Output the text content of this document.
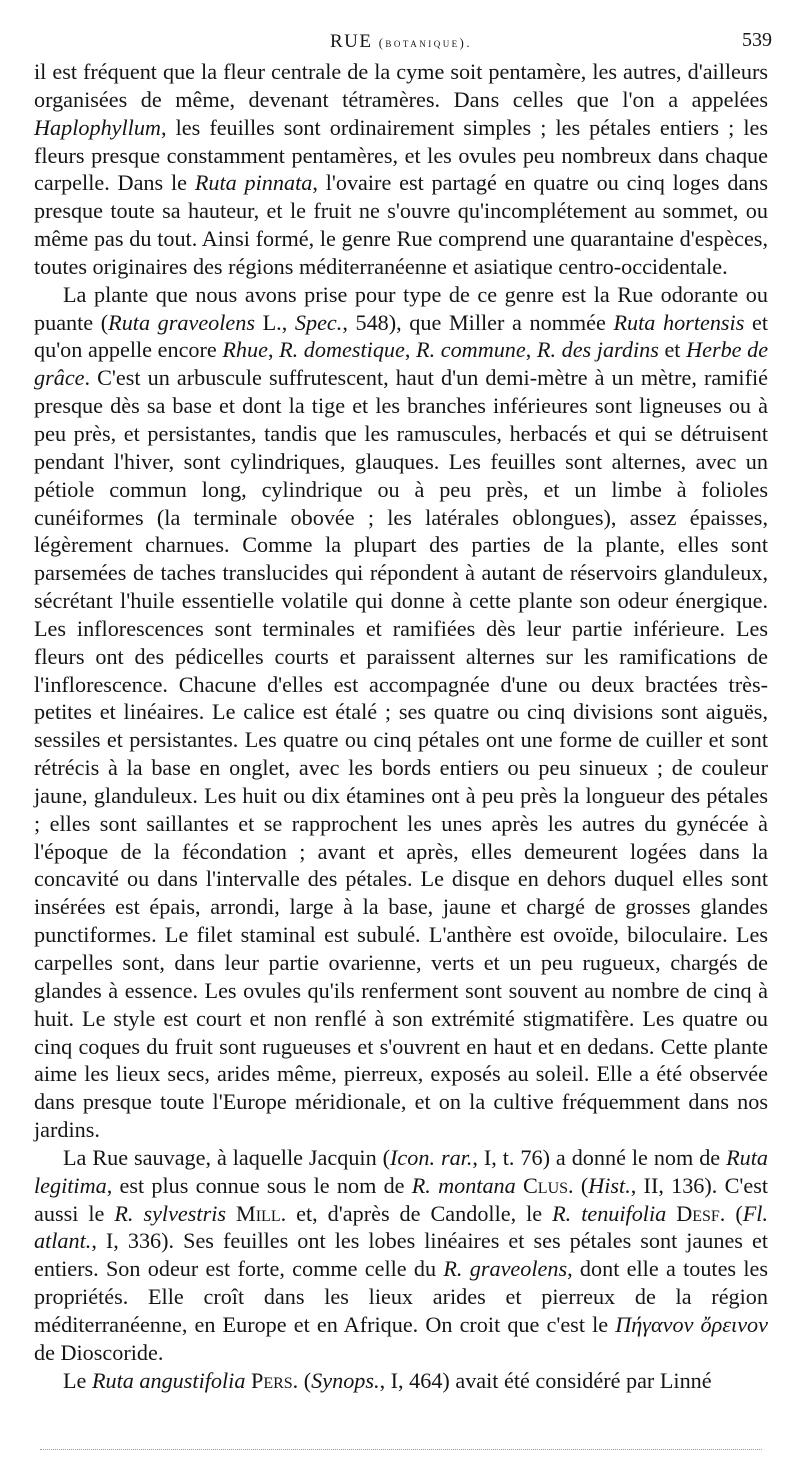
RUE (botanique).	539

il est fréquent que la fleur centrale de la cyme soit pentamère, les autres, d'ailleurs organisées de même, devenant tétramères. Dans celles que l'on a appelées Haplophyllum, les feuilles sont ordinairement simples ; les pétales entiers ; les fleurs presque constamment pentamères, et les ovules peu nombreux dans chaque carpelle. Dans le Ruta pinnata, l'ovaire est partagé en quatre ou cinq loges dans presque toute sa hauteur, et le fruit ne s'ouvre qu'incomplétement au sommet, ou même pas du tout. Ainsi formé, le genre Rue comprend une quarantaine d'espèces, toutes originaires des régions méditerranéenne et asiatique centro-occidentale.

La plante que nous avons prise pour type de ce genre est la Rue odorante ou puante (Ruta graveolens L., Spec., 548), que Miller a nommée Ruta hortensis et qu'on appelle encore Rhue, R. domestique, R. commune, R. des jardins et Herbe de grâce. C'est un arbuscule suffrutescent, haut d'un demi-mètre à un mètre, ramifié presque dès sa base et dont la tige et les branches inférieures sont ligneuses ou à peu près, et persistantes, tandis que les ramuscules, herbacés et qui se détruisent pendant l'hiver, sont cylindriques, glauques. Les feuilles sont alternes, avec un pétiole commun long, cylindrique ou à peu près, et un limbe à folioles cunéiformes (la terminale obovée ; les latérales oblongues), assez épaisses, légèrement charnues. Comme la plupart des parties de la plante, elles sont parsemées de taches translucides qui répondent à autant de réservoirs glanduleux, sécrétant l'huile essentielle volatile qui donne à cette plante son odeur énergique. Les inflorescences sont terminales et ramifiées dès leur partie inférieure. Les fleurs ont des pédicelles courts et paraissent alternes sur les ramifications de l'inflorescence. Chacune d'elles est accompagnée d'une ou deux bractées très-petites et linéaires. Le calice est étalé ; ses quatre ou cinq divisions sont aiguës, sessiles et persistantes. Les quatre ou cinq pétales ont une forme de cuiller et sont rétrécis à la base en onglet, avec les bords entiers ou peu sinueux ; de couleur jaune, glanduleux. Les huit ou dix étamines ont à peu près la longueur des pétales ; elles sont saillantes et se rapprochent les unes après les autres du gynécée à l'époque de la fécondation ; avant et après, elles demeurent logées dans la concavité ou dans l'intervalle des pétales. Le disque en dehors duquel elles sont insérées est épais, arrondi, large à la base, jaune et chargé de grosses glandes punctiformes. Le filet staminal est subulé. L'anthère est ovoïde, biloculaire. Les carpelles sont, dans leur partie ovarienne, verts et un peu rugueux, chargés de glandes à essence. Les ovules qu'ils renferment sont souvent au nombre de cinq à huit. Le style est court et non renflé à son extrémité stigmatifère. Les quatre ou cinq coques du fruit sont rugueuses et s'ouvrent en haut et en dedans. Cette plante aime les lieux secs, arides même, pierreux, exposés au soleil. Elle a été observée dans presque toute l'Europe méridionale, et on la cultive fréquemment dans nos jardins.

La Rue sauvage, à laquelle Jacquin (Icon. rar., I, t. 76) a donné le nom de Ruta legitima, est plus connue sous le nom de R. montana Clus. (Hist., II, 136). C'est aussi le R. sylvestris Mill. et, d'après de Candolle, le R. tenuifolia Desf. (Fl. atlant., I, 336). Ses feuilles ont les lobes linéaires et ses pétales sont jaunes et entiers. Son odeur est forte, comme celle du R. graveolens, dont elle a toutes les propriétés. Elle croît dans les lieux arides et pierreux de la région méditerranéenne, en Europe et en Afrique. On croit que c'est le Πήγανον ὄρεινον de Dioscoride.

Le Ruta angustifolia Pers. (Synops., I, 464) avait été considéré par Linné
